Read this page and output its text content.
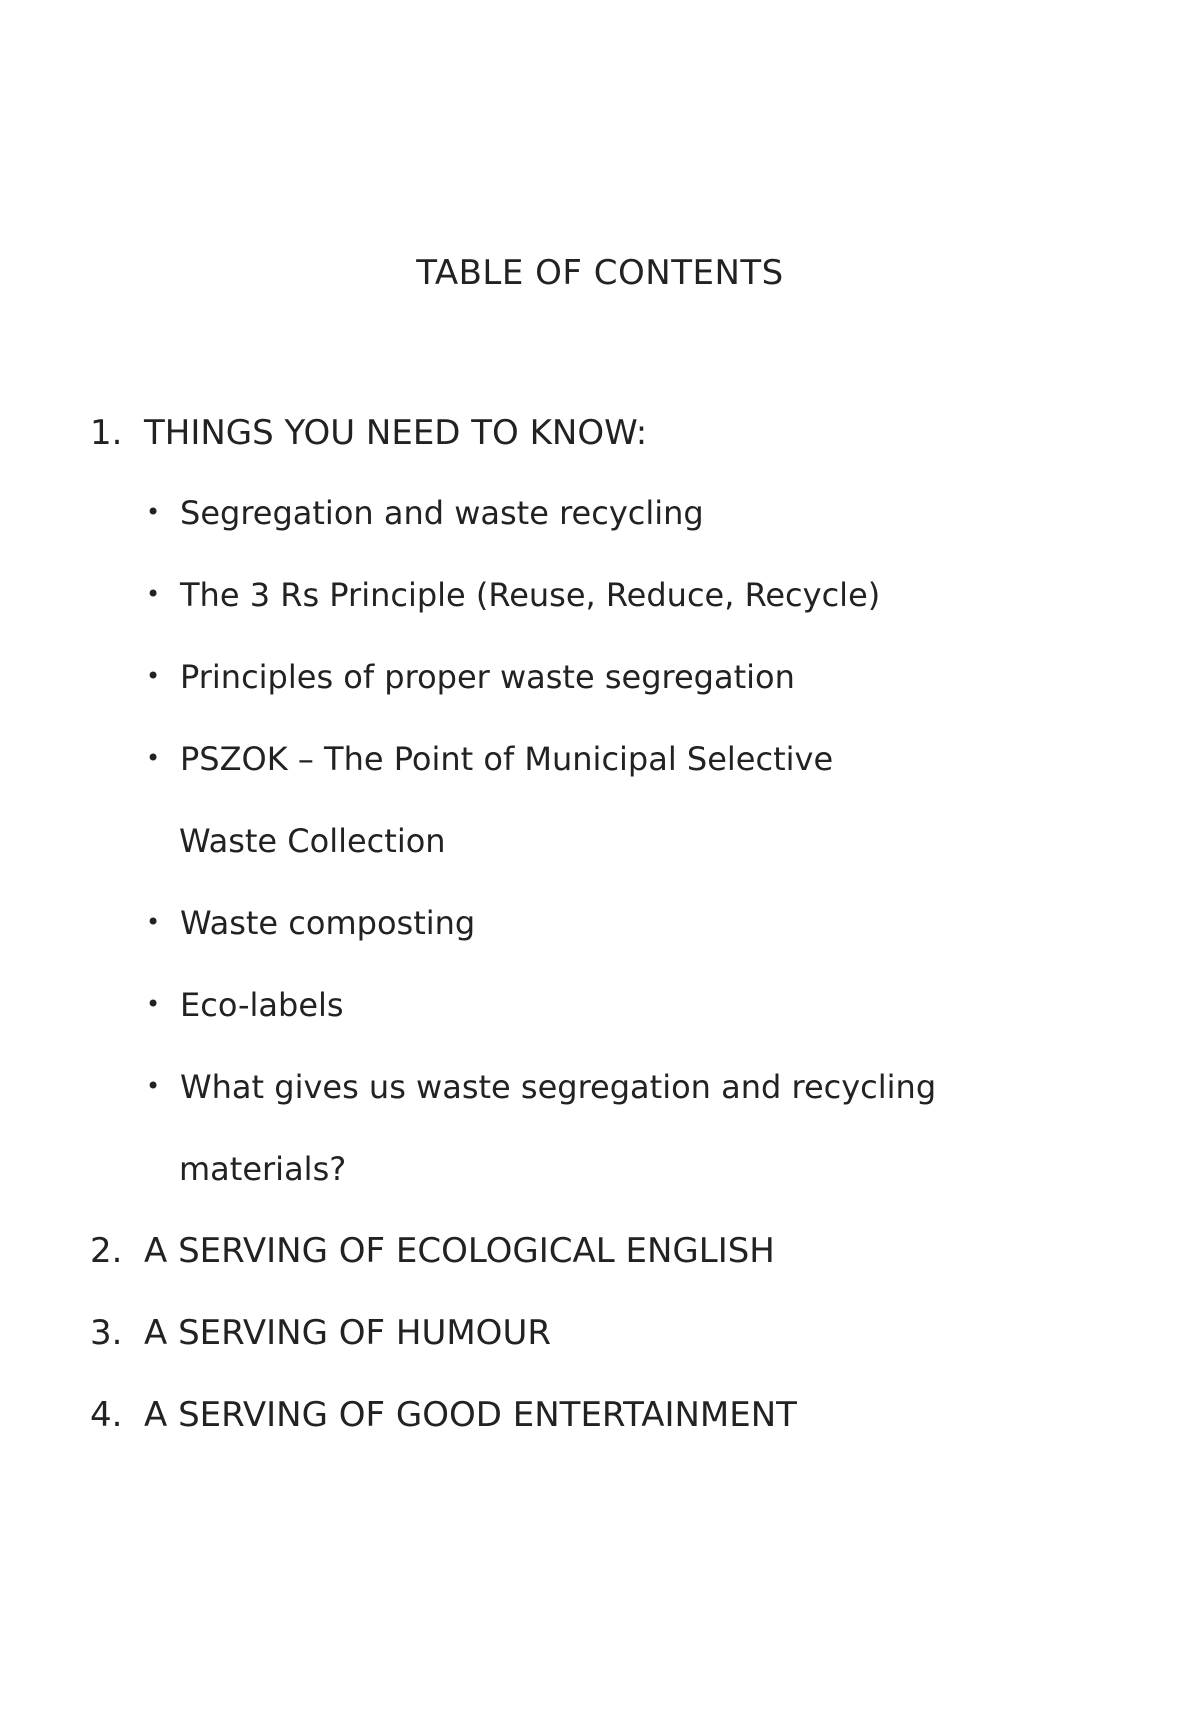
TABLE OF CONTENTS
1. THINGS YOU NEED TO KNOW:
• Segregation and waste recycling
• The 3 Rs Principle (Reuse, Reduce, Recycle)
• Principles of proper waste segregation
• PSZOK – The Point of Municipal Selective
Waste Collection
• Waste composting
• Eco-labels
• What gives us waste segregation and recycling
materials?
2. A SERVING OF ECOLOGICAL ENGLISH
3. A SERVING OF HUMOUR
4. A SERVING OF GOOD ENTERTAINMENT
